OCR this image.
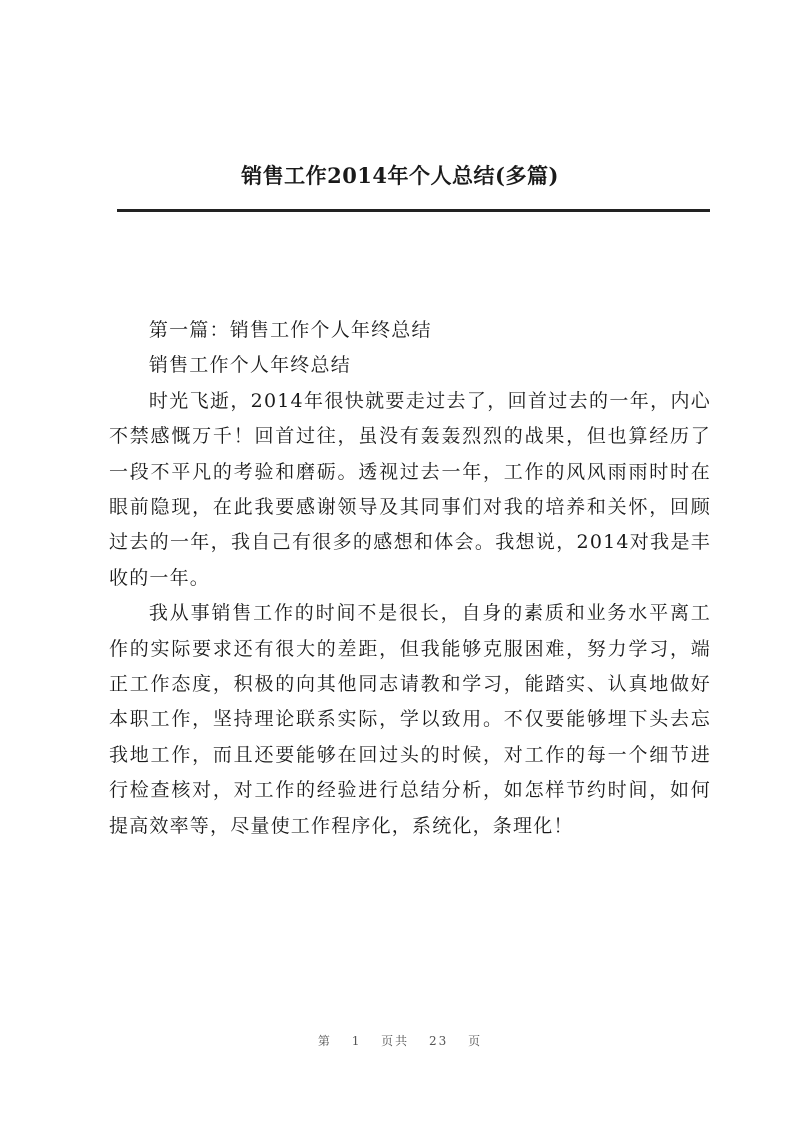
销售工作2014年个人总结(多篇)

第一篇：销售工作个人年终总结

销售工作个人年终总结

时光飞逝，2014年很快就要走过去了，回首过去的一年，内心不禁感慨万千！回首过往，虽没有轰轰烈烈的战果，但也算经历了一段不平凡的考验和磨砺。透视过去一年，工作的风风雨雨时时在眼前隐现，在此我要感谢领导及其同事们对我的培养和关怀，回顾过去的一年，我自己有很多的感想和体会。我想说，2014对我是丰收的一年。

我从事销售工作的时间不是很长，自身的素质和业务水平离工作的实际要求还有很大的差距，但我能够克服困难，努力学习，端正工作态度，积极的向其他同志请教和学习，能踏实、认真地做好本职工作，坚持理论联系实际，学以致用。不仅要能够埋下头去忘我地工作，而且还要能够在回过头的时候，对工作的每一个细节进行检查核对，对工作的经验进行总结分析，如怎样节约时间，如何提高效率等，尽量使工作程序化，系统化，条理化！

第 1 页共 23 页
